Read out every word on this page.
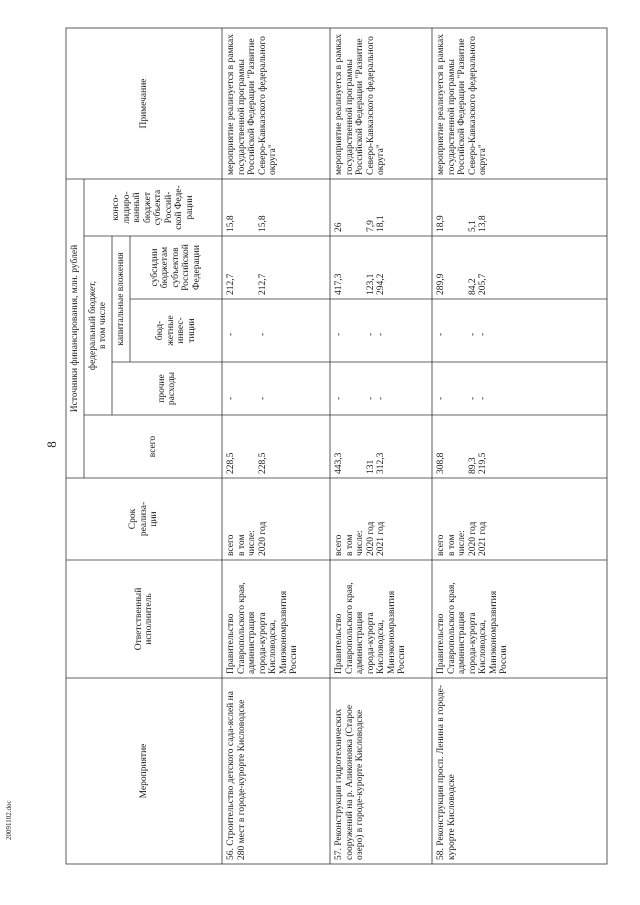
8
20091102.doc
Мероприятие
Ответственный
исполнитель
Срок
реализа-
ции
Источники финансирования, млн. рублей
всего
федеральный бюджет,
в том числе
прочие
расходы
капитальные вложения	бюд-
жетные
инвес-
тиции
субсидии
бюджетам
субъектов
Российской
Федерации
консо-
лидиро-
ванный
бюджет
субъекта
Россий-
ской Феде-
рации
Примечание
56. Строительство детского сада-яслей на 280 мест в городе-курорте Кисловодске
Правительство
Ставропольского края,
администрация
города-курорта
Кисловодска,
Минэкономразвития
России
всего
в том
числе:
2020 год
228,5

228,5
-

-
-

-
212,7

212,7
15,8

15,8
мероприятие реализуется в рамках государственной программы Российской Федерации "Развитие Северо-Кавказского федерального округа"
57. Реконструкция гидротехнических сооружений на р. Аликоновка (Старое озеро) в городе-курорте Кисловодске
Правительство
Ставропольского края,
администрация
города-курорта
Кисловодска,
Минэкономразвития
России
всего
в том
числе:
2020 год
2021 год
443,3

131
312,3
-

-
-
-

-
-
417,3

123,1
294,2
26

7,9
18,1
мероприятие реализуется в рамках государственной программы Российской Федерации "Развитие Северо-Кавказского федерального округа"
58. Реконструкция просп. Ленина в городе-курорте Кисловодске
Правительство
Ставропольского края,
администрация
города-курорта
Кисловодска,
Минэкономразвития
России
всего
в том
числе:
2020 год
2021 год
308,8

89,3
219,5
-

-
-
-

-
-
289,9

84,2
205,7
18,9

5,1
13,8
мероприятие реализуется в рамках государственной программы Российской Федерации "Развитие Северо-Кавказского федерального округа"
